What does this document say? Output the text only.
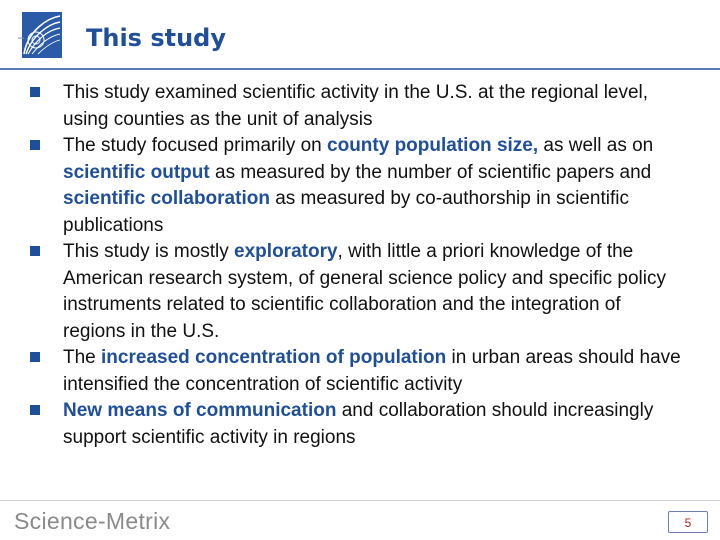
This study
This study examined scientific activity in the U.S. at the regional level, using counties as the unit of analysis
The study focused primarily on county population size, as well as on scientific output as measured by the number of scientific papers and scientific collaboration as measured by co-authorship in scientific publications
This study is mostly exploratory, with little a priori knowledge of the American research system, of general science policy and specific policy instruments related to scientific collaboration and the integration of regions in the U.S.
The increased concentration of population in urban areas should have intensified the concentration of scientific activity
New means of communication and collaboration should increasingly support scientific activity in regions
Science-Metrix	5
